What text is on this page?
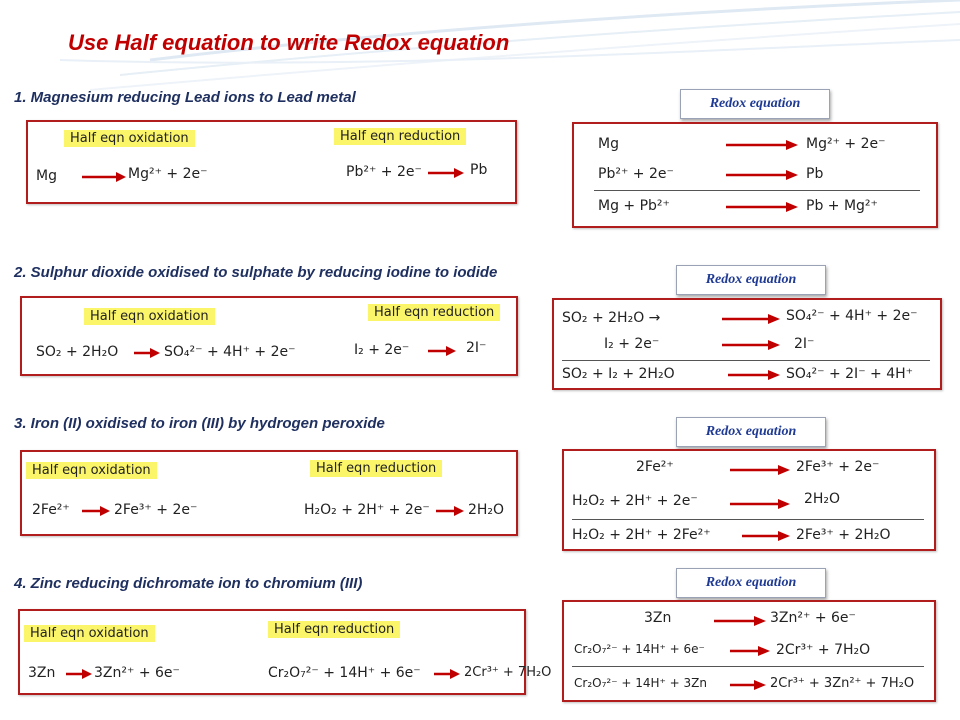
Use Half equation to write Redox equation
1. Magnesium reducing Lead ions to Lead metal
Half eqn oxidation	Half eqn reduction
Mg	Mg²⁺ + 2e⁻	Pb²⁺ + 2e⁻	Pb
Redox equation
Mg	Mg²⁺ + 2e⁻
Pb²⁺ + 2e⁻	Pb
Mg + Pb²⁺	Pb + Mg²⁺
2. Sulphur dioxide oxidised to sulphate by reducing iodine to iodide
Half eqn oxidation	Half eqn reduction
SO₂ + 2H₂O	SO₄²⁻ + 4H⁺ + 2e⁻	I₂ + 2e⁻	2I⁻
Redox equation
SO₂ + 2H₂O →	SO₄²⁻ + 4H⁺ + 2e⁻
I₂ + 2e⁻	2I⁻
SO₂ + I₂ + 2H₂O	SO₄²⁻ + 2I⁻ + 4H⁺
3. Iron (II) oxidised to iron (III) by hydrogen peroxide
Half eqn oxidation	Half eqn reduction
2Fe²⁺	2Fe³⁺ + 2e⁻	H₂O₂ + 2H⁺ + 2e⁻	2H₂O
Redox equation
2Fe²⁺	2Fe³⁺ + 2e⁻
H₂O₂ + 2H⁺ + 2e⁻	2H₂O
H₂O₂ + 2H⁺ + 2Fe²⁺	2Fe³⁺ + 2H₂O
4. Zinc reducing dichromate ion to chromium (III)
Half eqn oxidation	Half eqn reduction
3Zn	3Zn²⁺ + 6e⁻	Cr₂O₇²⁻ + 14H⁺ + 6e⁻	2Cr³⁺ + 7H₂O
Redox equation
3Zn	3Zn²⁺ + 6e⁻
Cr₂O₇²⁻ + 14H⁺ + 6e⁻	2Cr³⁺ + 7H₂O
Cr₂O₇²⁻ + 14H⁺ + 3Zn	2Cr³⁺ + 3Zn²⁺ + 7H₂O
